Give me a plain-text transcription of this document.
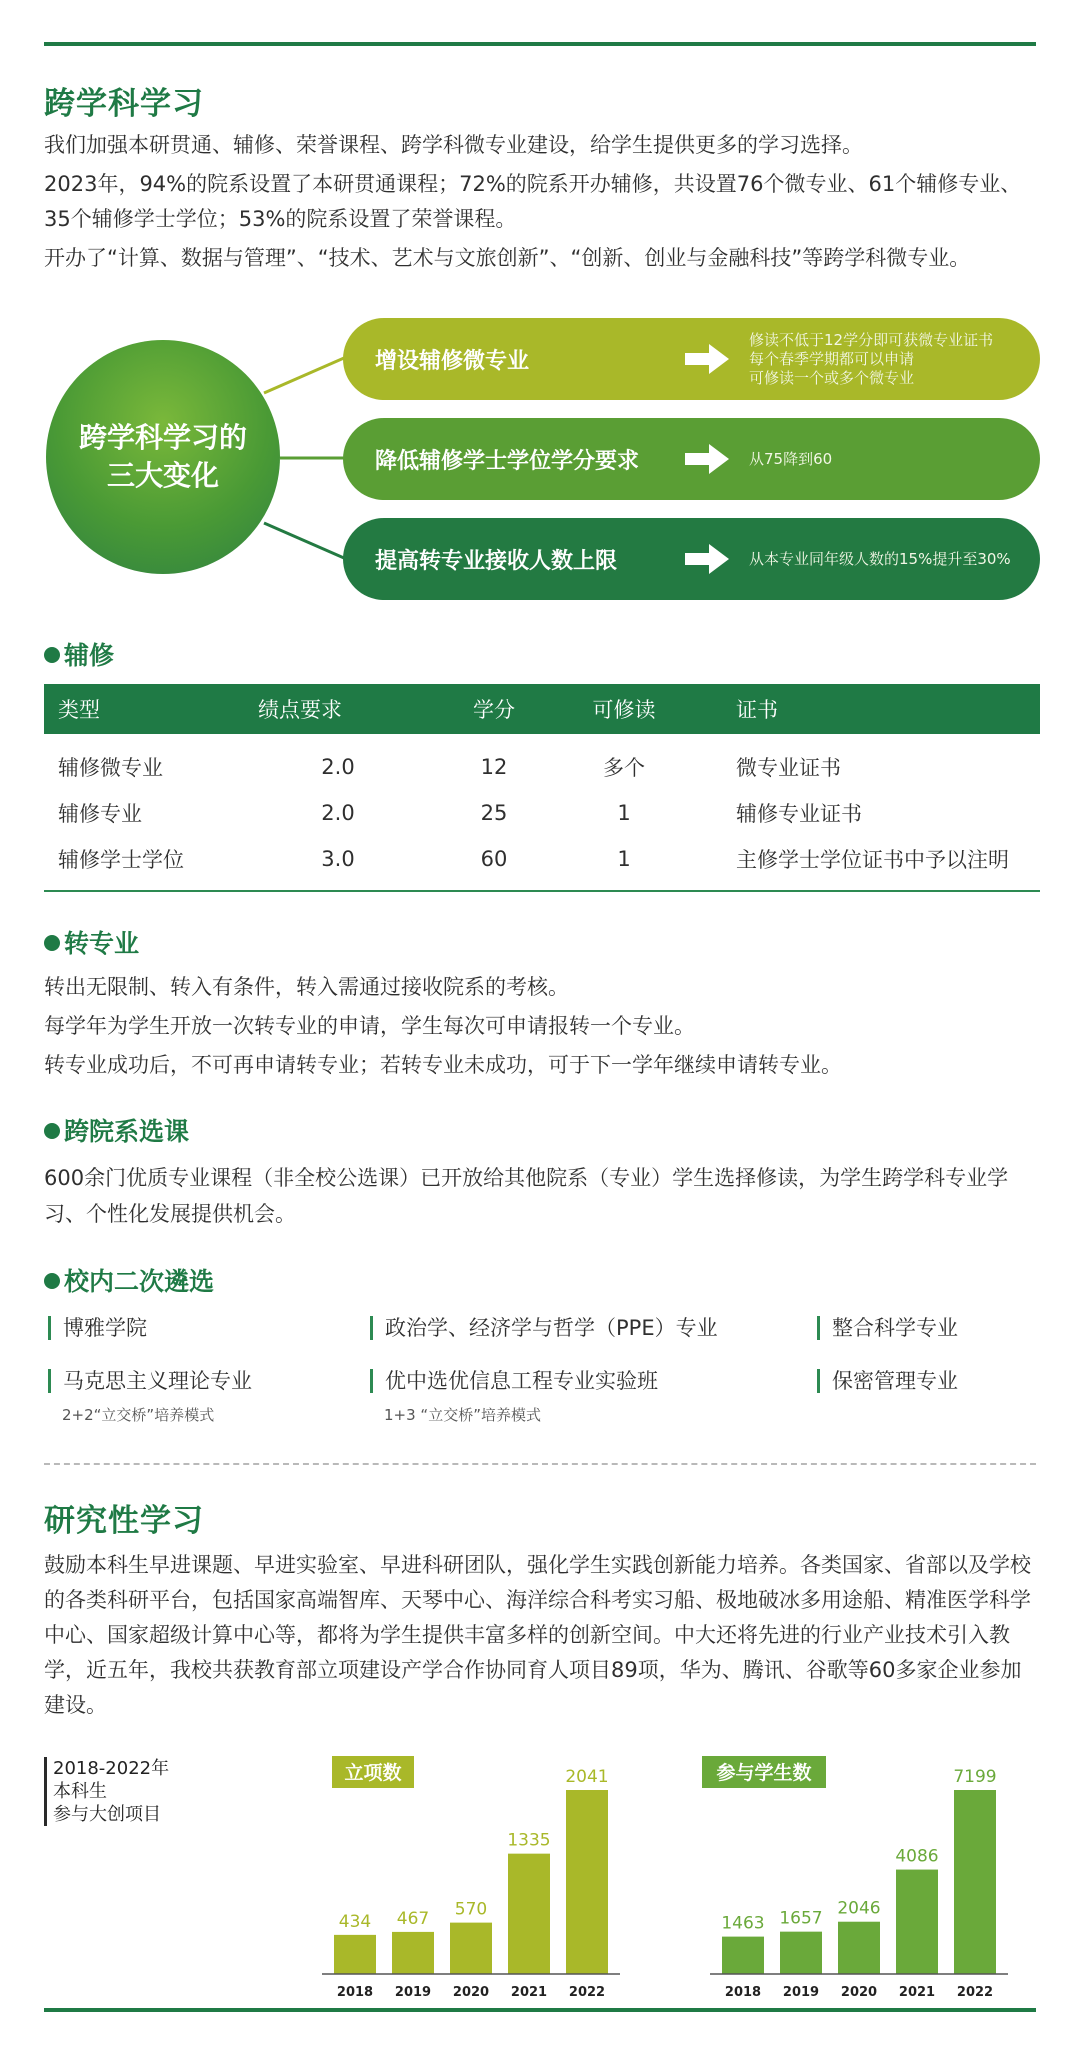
跨学科学习

我们加强本研贯通、辅修、荣誉课程、跨学科微专业建设，给学生提供更多的学习选择。

2023年，94%的院系设置了本研贯通课程；72%的院系开办辅修，共设置76个微专业、61个辅修专业、35个辅修学士学位；53%的院系设置了荣誉课程。

开办了“计算、数据与管理”、“技术、艺术与文旅创新”、“创新、创业与金融科技”等跨学科微专业。

跨学科学习的
三大变化
增设辅修微专业
修读不低于12学分即可获微专业证书
每个春季学期都可以申请
可修读一个或多个微专业
降低辅修学士学位学分要求	从75降到60
提高转专业接收人数上限	从本专业同年级人数的15%提升至30%
辅修
类型	绩点要求	学分	可修读	证书
辅修微专业	2.0	12	多个	微专业证书
辅修专业	2.0	25	1	辅修专业证书
辅修学士学位	3.0	60	1	主修学士学位证书中予以注明
转专业

转出无限制、转入有条件，转入需通过接收院系的考核。

每学年为学生开放一次转专业的申请，学生每次可申请报转一个专业。

转专业成功后，不可再申请转专业；若转专业未成功，可于下一学年继续申请转专业。

跨院系选课
600余门优质专业课程（非全校公选课）已开放给其他院系（专业）学生选择修读，为学生跨学科专业学习、个性化发展提供机会。
校内二次遴选
博雅学院	政治学、经济学与哲学（PPE）专业	整合科学专业
马克思主义理论专业
2+2“立交桥”培养模式
优中选优信息工程专业实验班
1+3 “立交桥”培养模式
保密管理专业
研究性学习
鼓励本科生早进课题、早进实验室、早进科研团队，强化学生实践创新能力培养。各类国家、省部以及学校的各类科研平台，包括国家高端智库、天琴中心、海洋综合科考实习船、极地破冰多用途船、精准医学科学中心、国家超级计算中心等，都将为学生提供丰富多样的创新空间。中大还将先进的行业产业技术引入教学，近五年，我校共获教育部立项建设产学合作协同育人项目89项，华为、腾讯、谷歌等60多家企业参加建设。
2018-2022年
本科生
参与大创项目
立项数
434
2018
467
2019
570
2020
1335
2021
2041
2022
参与学生数
1463
2018
1657
2019
2046
2020
4086
2021
7199
2022
